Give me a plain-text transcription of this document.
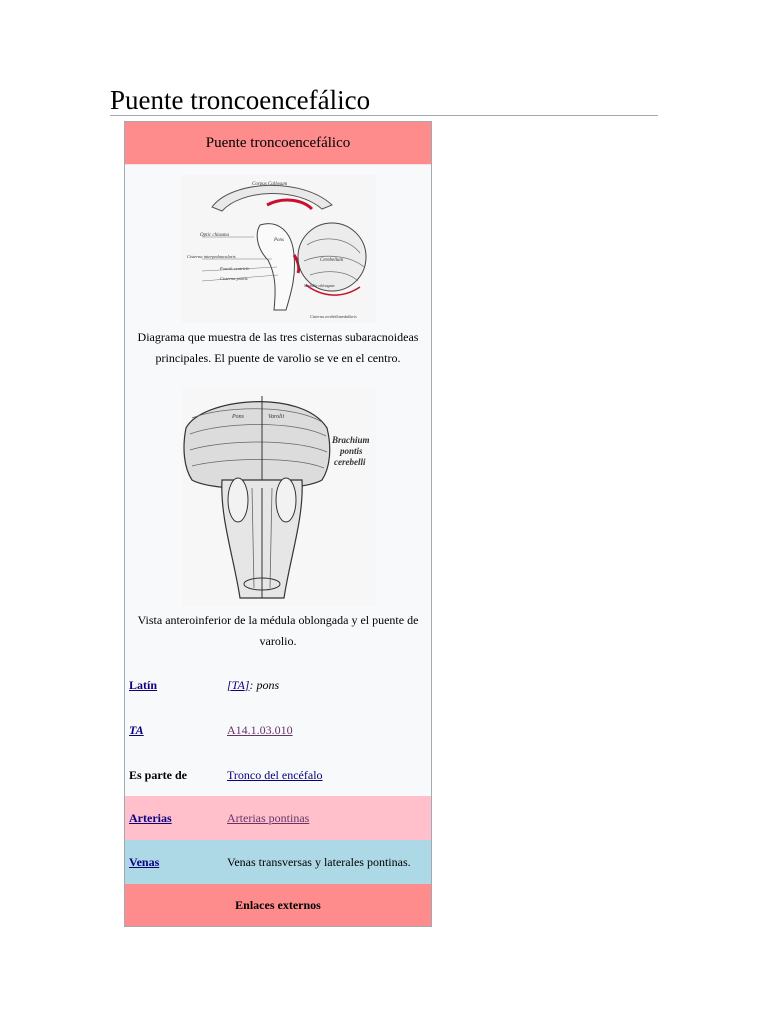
Puente troncoencefálico
Puente troncoencefálico
Optic chiasma
Cisterna interpeduncularis
Fourth ventricle
Cisterna pontis
Pons
Corpus Callosum
Medulla oblongata
Cisterna cerebellomedullaris
Cerebellum
Diagrama que muestra de las tres cisternas subaracnoideas principales. El puente de varolio se ve en el centro.
Pons	Varolii
Brachium
pontis
cerebelli
Vista anteroinferior de la médula oblongada y el puente de varolio.
Latín	[TA]: pons
TA	A14.1.03.010
Es parte de	Tronco del encéfalo
Arterias	Arterias pontinas
Venas	Venas transversas y laterales pontinas.
Enlaces externos
